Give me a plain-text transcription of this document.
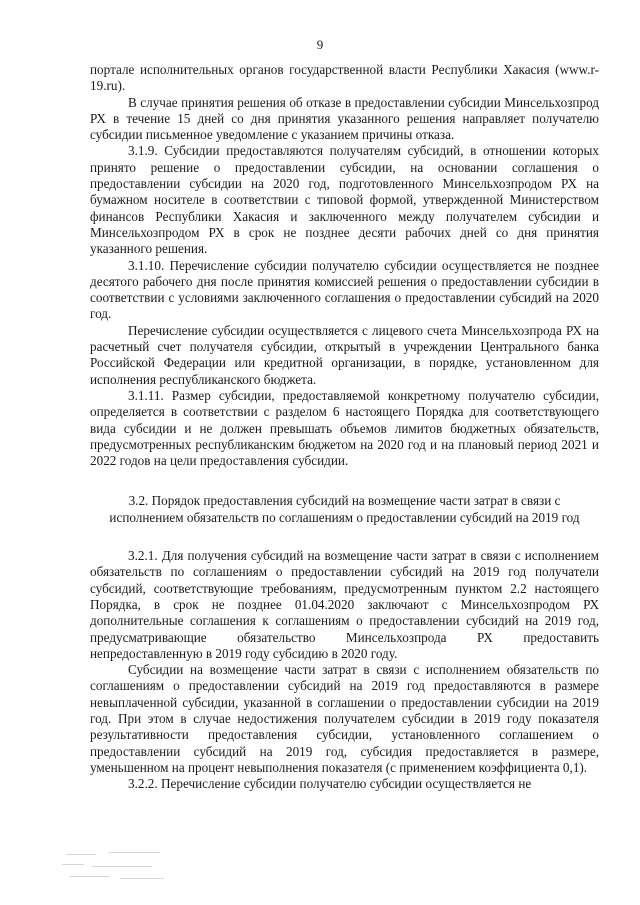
9

порталe исполнительных органов государственной власти Республики Хакасия (www.r-19.ru).

В случае принятия решения об отказе в предоставлении субсидии Минсельхозпрод РХ в течение 15 дней со дня принятия указанного решения направляет получателю субсидии письменное уведомление с указанием причины отказа.

3.1.9. Субсидии предоставляются получателям субсидий, в отношении которых принято решение о предоставлении субсидии, на основании соглашения о предоставлении субсидии на 2020 год, подготовленного Минсельхозпродом РХ на бумажном носителе в соответствии с типовой формой, утвержденной Министерством финансов Республики Хакасия и заключенного между получателем субсидии и Минсельхозпродом РХ в срок не позднее десяти рабочих дней со дня принятия указанного решения.

3.1.10. Перечисление субсидии получателю субсидии осуществляется не позднее десятого рабочего дня после принятия комиссией решения о предоставлении субсидии в соответствии с условиями заключенного соглашения о предоставлении субсидий на 2020 год.

Перечисление субсидии осуществляется с лицевого счета Минсельхозпрода РХ на расчетный счет получателя субсидии, открытый в учреждении Центрального банка Российской Федерации или кредитной организации, в порядке, установленном для исполнения республиканского бюджета.

3.1.11. Размер субсидии, предоставляемой конкретному получателю субсидии, определяется в соответствии с разделом 6 настоящего Порядка для соответствующего вида субсидии и не должен превышать объемов лимитов бюджетных обязательств, предусмотренных республиканским бюджетом на 2020 год и на плановый период 2021 и 2022 годов на цели предоставления субсидии.

3.2. Порядок предоставления субсидий на возмещение части затрат в связи с исполнением обязательств по соглашениям о предоставлении субсидий на 2019 год

3.2.1. Для получения субсидий на возмещение части затрат в связи с исполнением обязательств по соглашениям о предоставлении субсидий на 2019 год получатели субсидий, соответствующие требованиям, предусмотренным пунктом 2.2 настоящего Порядка, в срок не позднее 01.04.2020 заключают с Минсельхозпродом РХ дополнительные соглашения к соглашениям о предоставлении субсидий на 2019 год, предусматривающие обязательство Минсельхозпрода РХ предоставить непредоставленную в 2019 году субсидию в 2020 году.

Субсидии на возмещение части затрат в связи с исполнением обязательств по соглашениям о предоставлении субсидий на 2019 год предоставляются в размере невыплаченной субсидии, указанной в соглашении о предоставлении субсидии на 2019 год. При этом в случае недостижения получателем субсидии в 2019 году показателя результативности предоставления субсидии, установленного соглашением о предоставлении субсидий на 2019 год, субсидия предоставляется в размере, уменьшенном на процент невыполнения показателя (с применением коэффициента 0,1).

3.2.2. Перечисление субсидии получателю субсидии осуществляется не
